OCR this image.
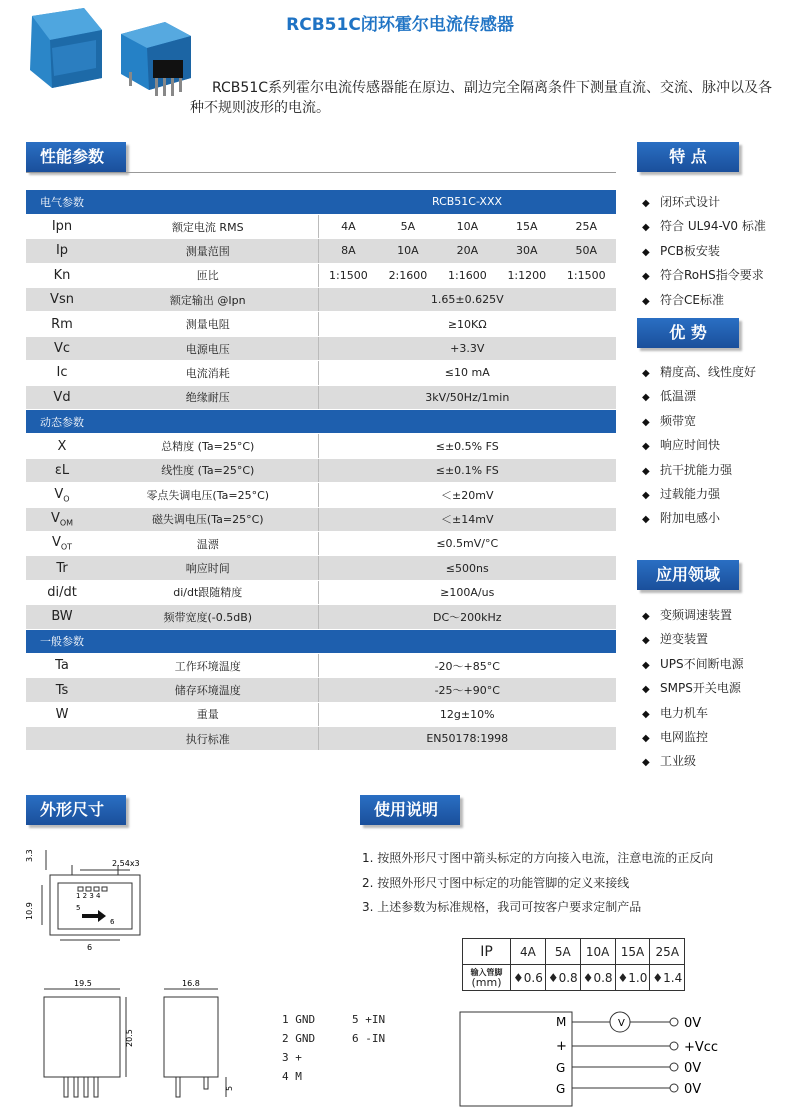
RCB51C闭环霍尔电流传感器

RCB51C系列霍尔电流传感器能在原边、副边完全隔离条件下测量直流、交流、脉冲以及各种不规则波形的电流。

性能参数
电气参数		RCB51C-XXX				
Ipn	额定电流 RMS	4A	5A	10A	15A	25A
Ip	测量范围	8A	10A	20A	30A	50A
Kn	匝比	1:1500	2:1600	1:1600	1:1200	1:1500
Vsn	额定输出 @Ipn	1.65±0.625V				
Rm	测量电阻	≥10KΩ				
Vc	电源电压	+3.3V				
Ic	电流消耗	≤10 mA				
Vd	绝缘耐压	3kV/50Hz/1min				
动态参数						
X	总精度 (Ta=25°C)	≤±0.5% FS				
εL	线性度 (Ta=25°C)	≤±0.1% FS				
$V_O$	零点失调电压(Ta=25°C)	＜±20mV				
$V_{OM}$	磁失调电压(Ta=25°C)	＜±14mV				
$V_{OT}$	温漂	≤0.5mV/°C				
Tr	响应时间	≤500ns				
di/dt	di/dt跟随精度	≥100A/us				
BW	频带宽度(-0.5dB)	DC～200kHz				
一般参数						
Ta	工作环境温度	-20～+85°C				
Ts	储存环境温度	-25～+90°C				
W	重量	12g±10%				
	执行标准	EN50178:1998				
特 点
◆ 闭环式设计
◆ 符合 UL94-V0 标准
◆ PCB板安装
◆ 符合RoHS指令要求
◆ 符合CE标准
优 势
◆ 精度高、线性度好
◆ 低温漂
◆ 频带宽
◆ 响应时间快
◆ 抗干扰能力强
◆ 过载能力强
◆ 附加电感小
应用领域
◆ 变频调速装置
◆ 逆变装置
◆ UPS不间断电源
◆ SMPS开关电源
◆ 电力机车
◆ 电网监控
◆ 工业级
外形尺寸
3.3
2.54x3
10.9
6
1 2 3 4
5
6
19.5	16.8
20.5
5
1 GND
2 GND
3 +
4 M
5 +IN
6 -IN
使用说明
1. 按照外形尺寸图中箭头标定的方向接入电流，注意电流的正反向
2. 按照外形尺寸图中标定的功能管脚的定义来接线
3. 上述参数为标准规格，我司可按客户要求定制产品
IP	4A	5A	10A	15A	25A

输入管脚
(mm)	♦0.6	♦0.8	♦0.8	♦1.0	♦1.4
V
M
+
G
G
0V
+Vcc
0V
0V
